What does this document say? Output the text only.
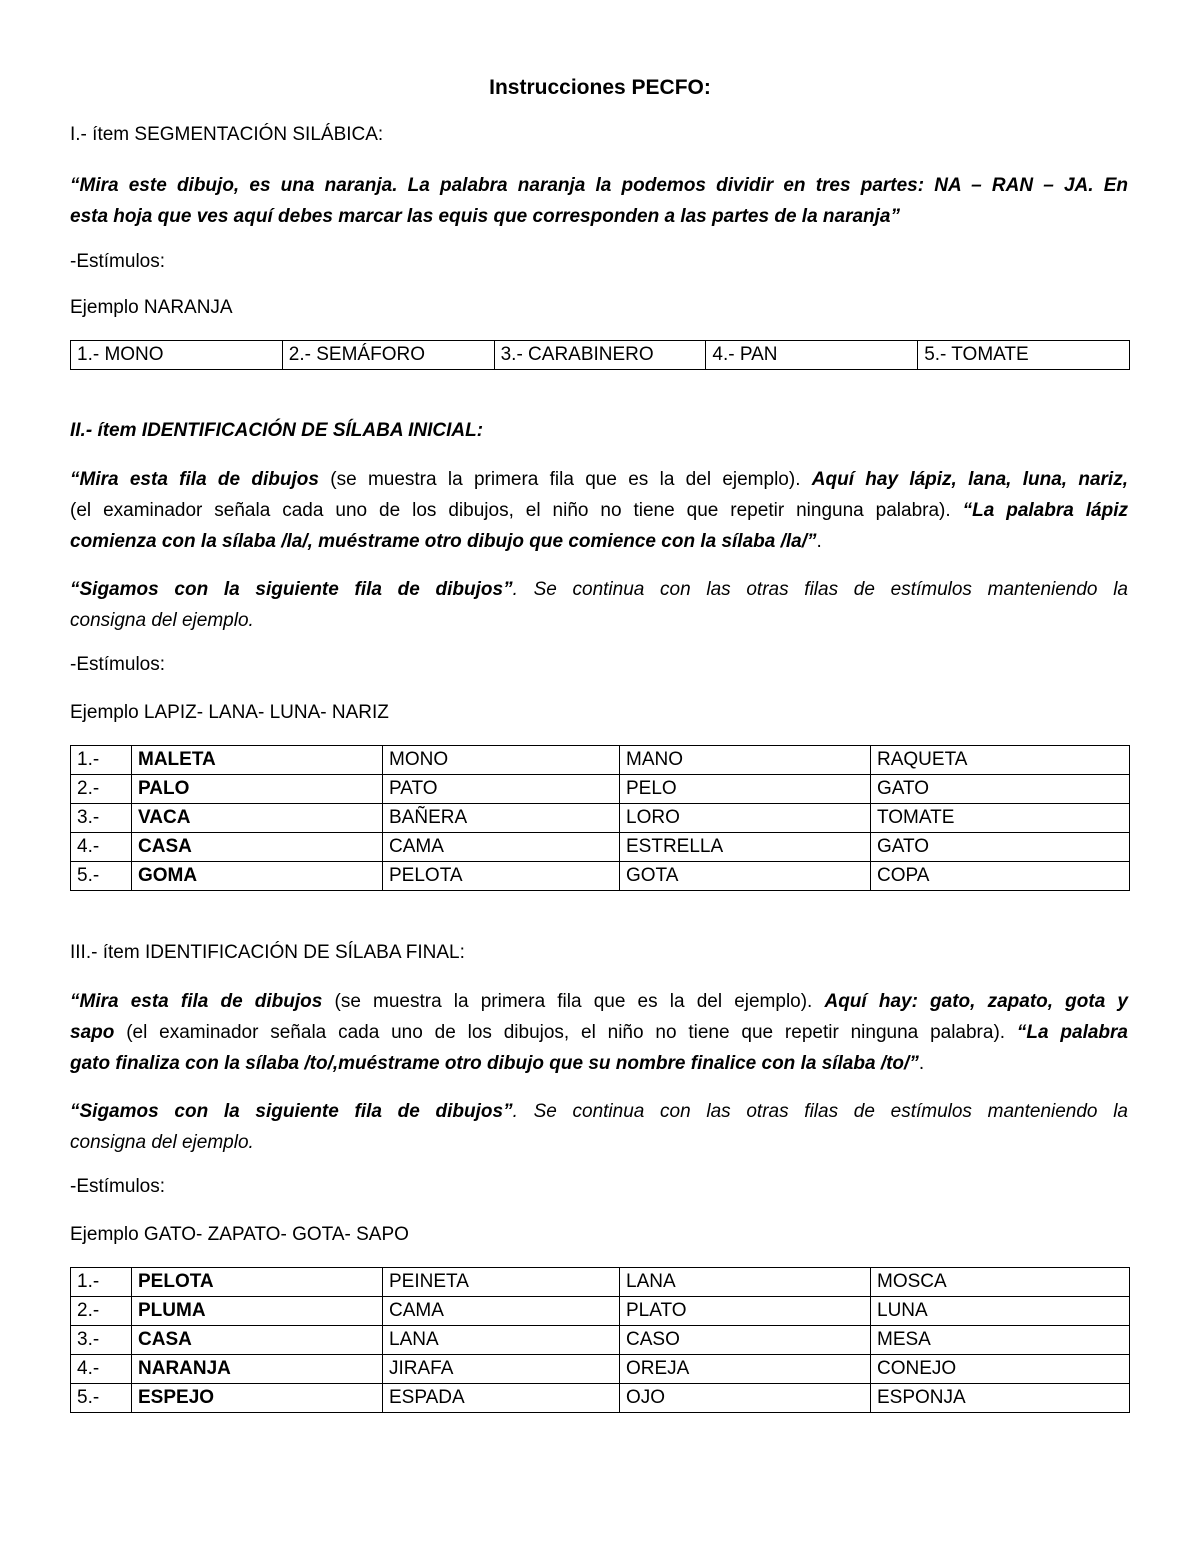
Instrucciones PECFO:
I.- ítem SEGMENTACIÓN SILÁBICA:
“Mira este dibujo, es una naranja. La palabra naranja la podemos dividir en tres partes: NA – RAN – JA. En
esta hoja que ves aquí debes marcar las equis que corresponden a las partes de la naranja”
-Estímulos:
Ejemplo NARANJA
1.- MONO	2.- SEMÁFORO	3.- CARABINERO	4.- PAN	5.- TOMATE
II.- ítem IDENTIFICACIÓN DE SÍLABA INICIAL:
“Mira esta fila de dibujos (se muestra la primera fila que es la del ejemplo). Aquí hay lápiz, lana, luna, nariz,
(el examinador señala cada uno de los dibujos, el niño no tiene que repetir ninguna palabra). “La palabra lápiz
comienza con la sílaba /la/, muéstrame otro dibujo que comience con la sílaba /la/”.
“Sigamos con la siguiente fila de dibujos”. Se continua con las otras filas de estímulos manteniendo la
consigna del ejemplo.
-Estímulos:
Ejemplo LAPIZ- LANA- LUNA- NARIZ
1.-	MALETA	MONO	MANO	RAQUETA
2.-	PALO	PATO	PELO	GATO
3.-	VACA	BAÑERA	LORO	TOMATE
4.-	CASA	CAMA	ESTRELLA	GATO
5.-	GOMA	PELOTA	GOTA	COPA
III.- ítem IDENTIFICACIÓN DE SÍLABA FINAL:
“Mira esta fila de dibujos (se muestra la primera fila que es la del ejemplo). Aquí hay: gato, zapato, gota y
sapo (el examinador señala cada uno de los dibujos, el niño no tiene que repetir ninguna palabra). “La palabra
gato finaliza con la sílaba /to/,muéstrame otro dibujo que su nombre finalice con la sílaba /to/”.
“Sigamos con la siguiente fila de dibujos”. Se continua con las otras filas de estímulos manteniendo la
consigna del ejemplo.
-Estímulos:
Ejemplo GATO- ZAPATO- GOTA- SAPO
1.-	PELOTA	PEINETA	LANA	MOSCA
2.-	PLUMA	CAMA	PLATO	LUNA
3.-	CASA	LANA	CASO	MESA
4.-	NARANJA	JIRAFA	OREJA	CONEJO
5.-	ESPEJO	ESPADA	OJO	ESPONJA
